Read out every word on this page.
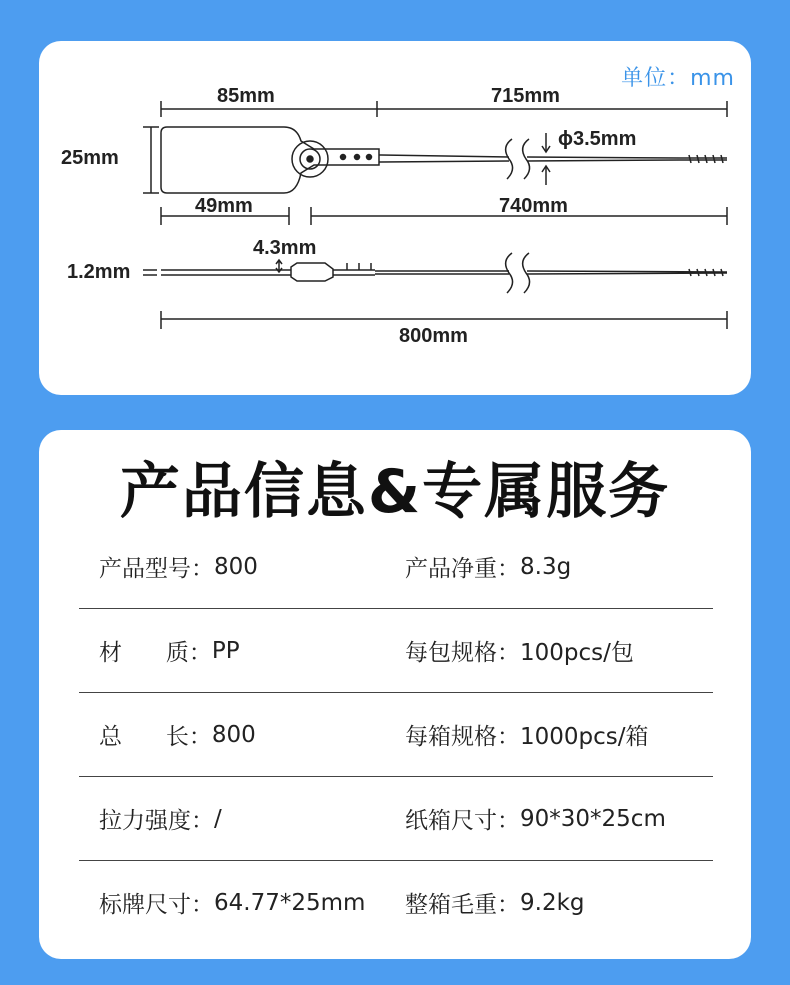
单位：mm
85mm	715mm
25mm
ϕ3.5mm
49mm	740mm
4.3mm
1.2mm
800mm
产品信息&专属服务
产品型号： 800	产品净重： 8.3g
材      质： PP	每包规格： 100pcs/包
总      长： 800	每箱规格： 1000pcs/箱
拉力强度： /	纸箱尺寸： 90*30*25cm
标牌尺寸： 64.77*25mm 整箱毛重： 9.2kg
